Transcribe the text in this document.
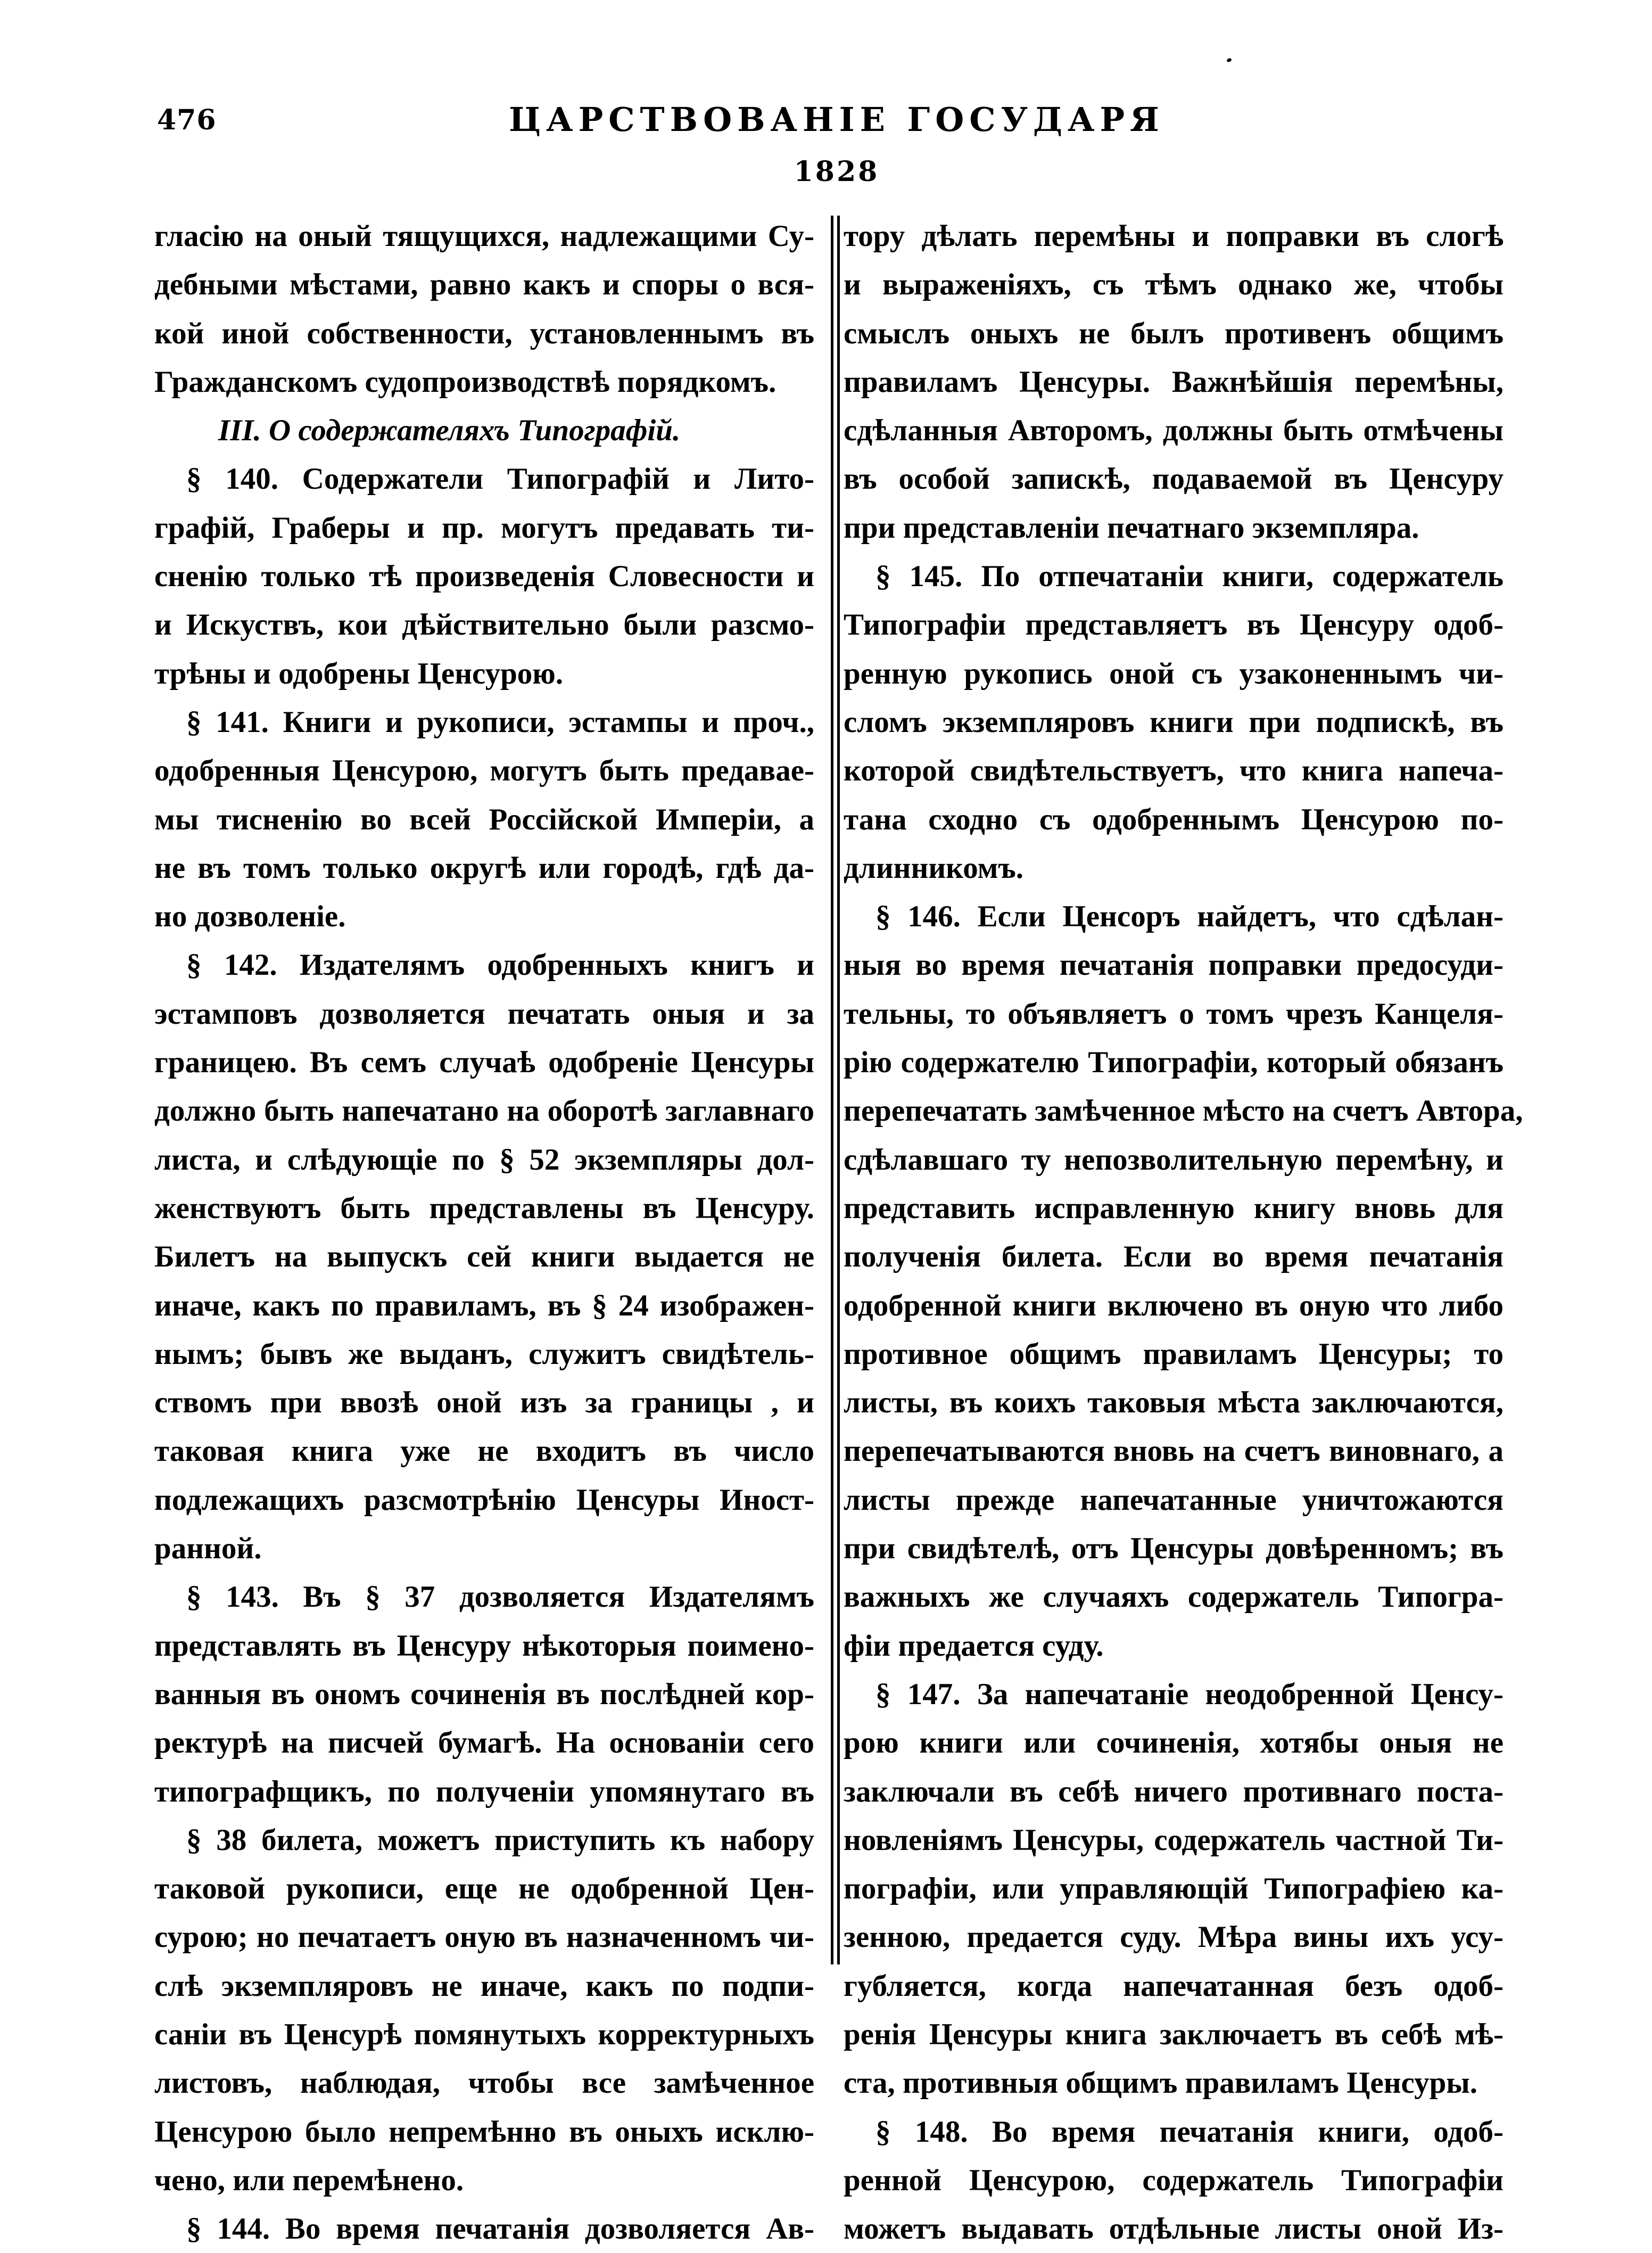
476	ЦАРСТВОВАНІЕ ГОСУДАРЯ
1828
гласію на оный тящущихся, надлежащими Су-
дебными мѣстами, равно какъ и споры о вся-
кой иной собственности, установленнымъ въ
Гражданскомъ судопроизводствѣ порядкомъ.
III. О содержателяхъ Типографій.
§ 140. Содержатели Типографій и Лито-
графій, Граберы и пр. могутъ предавать ти-
сненію только тѣ произведенія Словесности и
и Искуствъ, кои дѣйствительно были разсмо-
трѣны и одобрены Ценсурою.
§ 141. Книги и рукописи, эстампы и проч.,
одобренныя Ценсурою, могутъ быть предавае-
мы тисненію во всей Россійской Имперіи, а
не въ томъ только округѣ или городѣ, гдѣ да-
но дозволеніе.
§ 142. Издателямъ одобренныхъ книгъ и
эстамповъ дозволяется печатать оныя и за
границею. Въ семъ случаѣ одобреніе Ценсуры
должно быть напечатано на оборотѣ заглавнаго
листа, и слѣдующіе по § 52 экземпляры дол-
женствуютъ быть представлены въ Ценсуру.
Билетъ на выпускъ сей книги выдается не
иначе, какъ по правиламъ, въ § 24 изображен-
нымъ; бывъ же выданъ, служитъ свидѣтель-
ствомъ при ввозѣ оной изъ за границы , и
таковая книга уже не входитъ въ число
подлежащихъ разсмотрѣнію Ценсуры Иност-
ранной.
§ 143. Въ § 37 дозволяется Издателямъ
представлять въ Ценсуру нѣкоторыя поимено-
ванныя въ ономъ сочиненія въ послѣдней кор-
ректурѣ на писчей бумагѣ. На основаніи сего
типографщикъ, по полученіи упомянутаго въ
§ 38 билета, можетъ приступить къ набору
таковой рукописи, еще не одобренной Цен-
сурою; но печатаетъ оную въ назначенномъ чи-
слѣ экземпляровъ не иначе, какъ по подпи-
саніи въ Ценсурѣ помянутыхъ корректурныхъ
листовъ, наблюдая, чтобы все замѣченное
Ценсурою было непремѣнно въ оныхъ исклю-
чено, или перемѣнено.
§ 144. Во время печатанія дозволяется Ав-
тору дѣлать перемѣны и поправки въ слогѣ
и выраженіяхъ, съ тѣмъ однако же, чтобы
смыслъ оныхъ не былъ противенъ общимъ
правиламъ Ценсуры. Важнѣйшія перемѣны,
сдѣланныя Авторомъ, должны быть отмѣчены
въ особой запискѣ, подаваемой въ Ценсуру
при представленіи печатнаго экземпляра.
§ 145. По отпечатаніи книги, содержатель
Типографіи представляетъ въ Ценсуру одоб-
ренную рукопись оной съ узаконеннымъ чи-
сломъ экземпляровъ книги при подпискѣ, въ
которой свидѣтельствуетъ, что книга напеча-
тана сходно съ одобреннымъ Ценсурою по-
длинникомъ.
§ 146. Если Ценсоръ найдетъ, что сдѣлан-
ныя во время печатанія поправки предосуди-
тельны, то объявляетъ о томъ чрезъ Канцеля-
рію содержателю Типографіи, который обязанъ
перепечатать замѣченное мѣсто на счетъ Автора,
сдѣлавшаго ту непозволительную перемѣну, и
представить исправленную книгу вновь для
полученія билета. Если во время печатанія
одобренной книги включено въ оную что либо
противное общимъ правиламъ Ценсуры; то
листы, въ коихъ таковыя мѣста заключаются,
перепечатываются вновь на счетъ виновнаго, а
листы прежде напечатанные уничтожаются
при свидѣтелѣ, отъ Ценсуры довѣренномъ; въ
важныхъ же случаяхъ содержатель Типогра-
фіи предается суду.
§ 147. За напечатаніе неодобренной Ценсу-
рою книги или сочиненія, хотябы оныя не
заключали въ себѣ ничего противнаго поста-
новленіямъ Ценсуры, содержатель частной Ти-
пографіи, или управляющій Типографіею ка-
зенною, предается суду. Мѣра вины ихъ усу-
губляется, когда напечатанная безъ одоб-
ренія Ценсуры книга заключаетъ въ себѣ мѣ-
ста, противныя общимъ правиламъ Ценсуры.
§ 148. Во время печатанія книги, одоб-
ренной Ценсурою, содержатель Типографіи
можетъ выдавать отдѣльные листы оной Из-
